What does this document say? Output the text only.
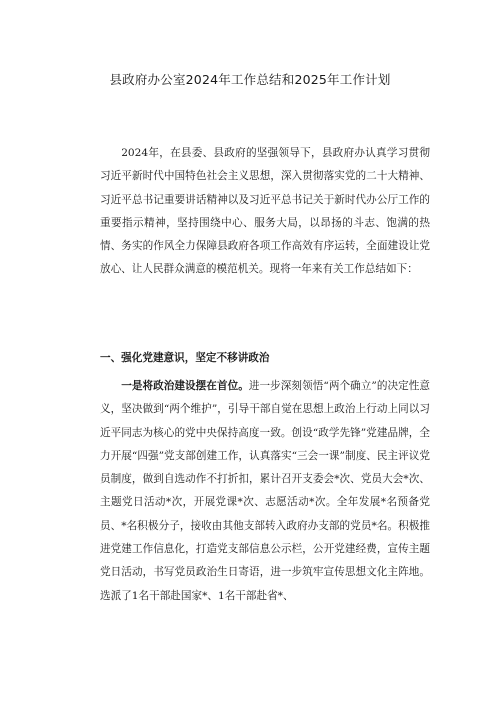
县政府办公室2024年工作总结和2025年工作计划

2024年，在县委、县政府的坚强领导下，县政府办认真学习贯彻习近平新时代中国特色社会主义思想，深入贯彻落实党的二十大精神、习近平总书记重要讲话精神以及习近平总书记关于新时代办公厅工作的重要指示精神，坚持围绕中心、服务大局，以昂扬的斗志、饱满的热情、务实的作风全力保障县政府各项工作高效有序运转，全面建设让党放心、让人民群众满意的模范机关。现将一年来有关工作总结如下：

一、强化党建意识，坚定不移讲政治

一是将政治建设摆在首位。进一步深刻领悟“两个确立”的决定性意义，坚决做到“两个维护”，引导干部自觉在思想上政治上行动上同以习近平同志为核心的党中央保持高度一致。创设“政学先锋”党建品牌，全力开展“四强”党支部创建工作，认真落实“三会一课”制度、民主评议党员制度，做到自选动作不打折扣，累计召开支委会*次、党员大会*次、主题党日活动*次，开展党课*次、志愿活动*次。全年发展*名预备党员、*名积极分子，接收由其他支部转入政府办支部的党员*名。积极推进党建工作信息化，打造党支部信息公示栏，公开党建经费，宣传主题党日活动，书写党员政治生日寄语，进一步筑牢宣传思想文化主阵地。选派了1名干部赴国家*、1名干部赴省*、
